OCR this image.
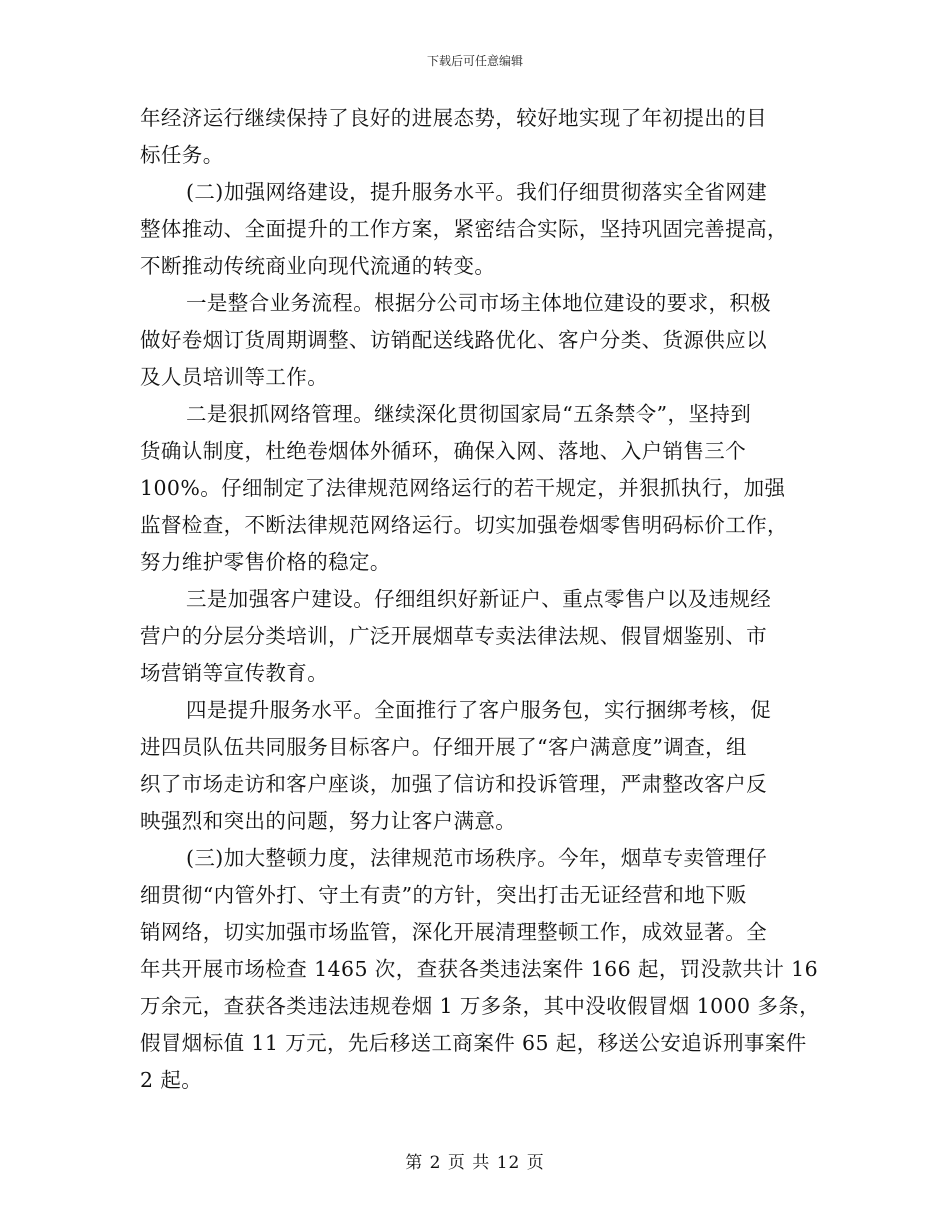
下载后可任意编辑
年经济运行继续保持了良好的进展态势，较好地实现了年初提出的目
标任务。
(二)加强网络建设，提升服务水平。我们仔细贯彻落实全省网建
整体推动、全面提升的工作方案，紧密结合实际，坚持巩固完善提高，
不断推动传统商业向现代流通的转变。
一是整合业务流程。根据分公司市场主体地位建设的要求，积极
做好卷烟订货周期调整、访销配送线路优化、客户分类、货源供应以
及人员培训等工作。
二是狠抓网络管理。继续深化贯彻国家局“五条禁令”，坚持到
货确认制度，杜绝卷烟体外循环，确保入网、落地、入户销售三个
100%。仔细制定了法律规范网络运行的若干规定，并狠抓执行，加强
监督检查，不断法律规范网络运行。切实加强卷烟零售明码标价工作，
努力维护零售价格的稳定。
三是加强客户建设。仔细组织好新证户、重点零售户以及违规经
营户的分层分类培训，广泛开展烟草专卖法律法规、假冒烟鉴别、市
场营销等宣传教育。
四是提升服务水平。全面推行了客户服务包，实行捆绑考核，促
进四员队伍共同服务目标客户。仔细开展了“客户满意度”调查，组
织了市场走访和客户座谈，加强了信访和投诉管理，严肃整改客户反
映强烈和突出的问题，努力让客户满意。
(三)加大整顿力度，法律规范市场秩序。今年，烟草专卖管理仔
细贯彻“内管外打、守土有责”的方针，突出打击无证经营和地下贩
销网络，切实加强市场监管，深化开展清理整顿工作，成效显著。全
年共开展市场检查 1465 次，查获各类违法案件 166 起，罚没款共计 16
万余元，查获各类违法违规卷烟 1 万多条，其中没收假冒烟 1000 多条，
假冒烟标值 11 万元，先后移送工商案件 65 起，移送公安追诉刑事案件
2 起。
第 2 页 共 12 页
